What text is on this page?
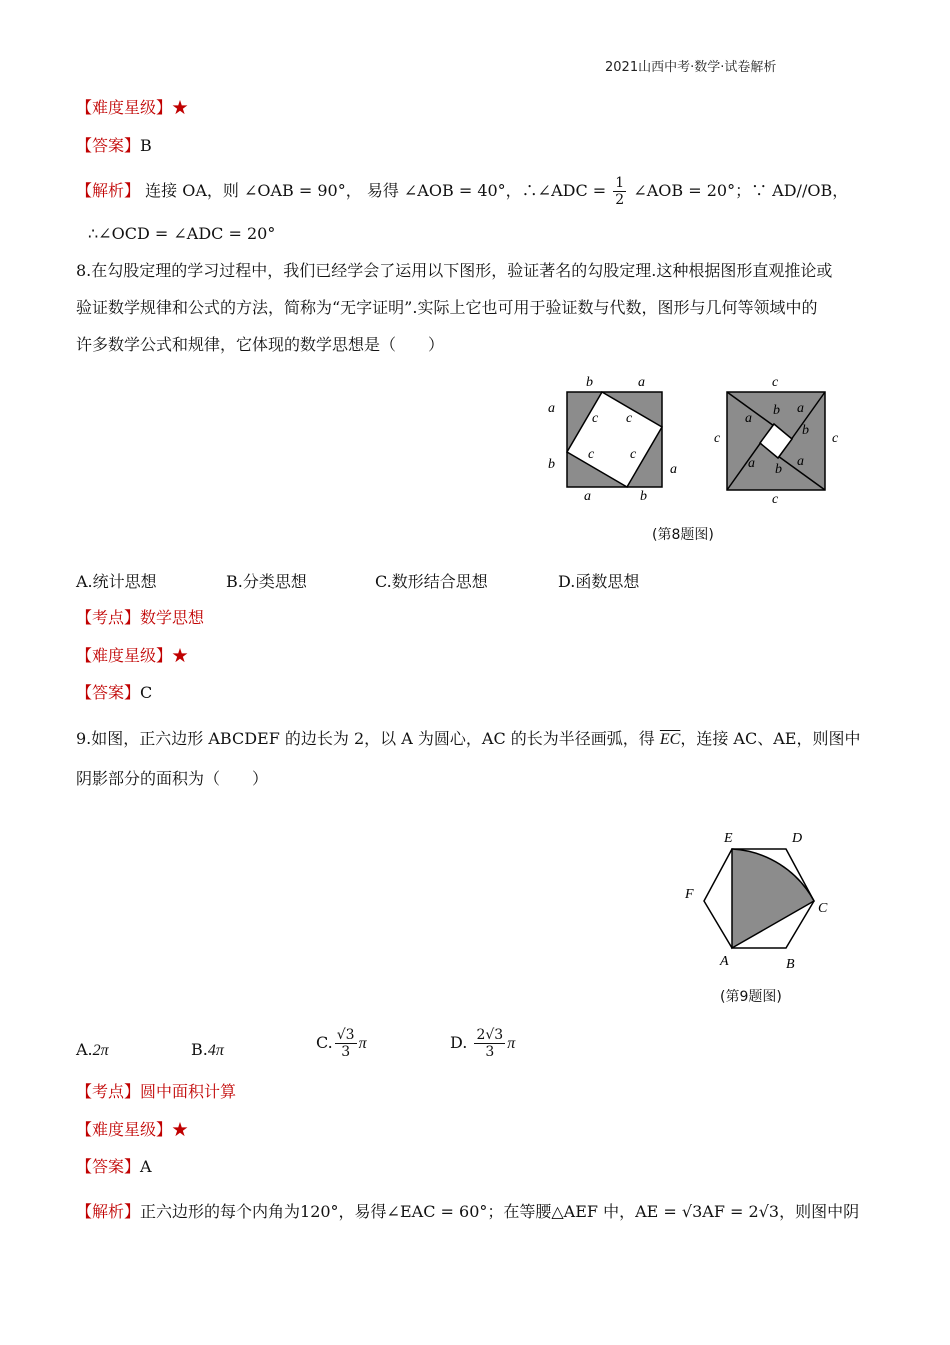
2021山西中考·数学·试卷解析
【难度星级】★
【答案】B
【解析】 连接 OA，则 ∠OAB = 90°， 易得 ∠AOB = 40°，∴∠ADC = $\frac{1}{2}$ ∠AOB = 20°；∵ AD//OB，
∴∠OCD = ∠ADC = 20°
8.在勾股定理的学习过程中，我们已经学会了运用以下图形，验证著名的勾股定理.这种根据图形直观推论或
验证数学规律和公式的方法，简称为“无字证明”.实际上它也可用于验证数与代数，图形与几何等领域中的
许多数学公式和规律，它体现的数学思想是（　　）
b	a
a
b	a
a	b
c c
c	c
c
c
c	c
b a
a
b
a b
a
(第8题图)
A.统计思想	B.分类思想	C.数形结合思想	D.函数思想
【考点】数学思想
【难度星级】★
【答案】C
9.如图，正六边形 ABCDEF 的边长为 2，以 A 为圆心，AC 的长为半径画弧，得 $\overline{EC}$，连接 AC、AE，则图中
阴影部分的面积为（　　）
A	B
C
D
E
F
(第9题图)
A.2π	B.4π	C. $\frac{√3}{3}$ π	D. $\frac{2√3}{3}$ π
【考点】圆中面积计算
【难度星级】★
【答案】A
【解析】正六边形的每个内角为120°，易得∠EAC = 60°；在等腰△AEF 中，AE = √3AF = 2√3，则图中阴
